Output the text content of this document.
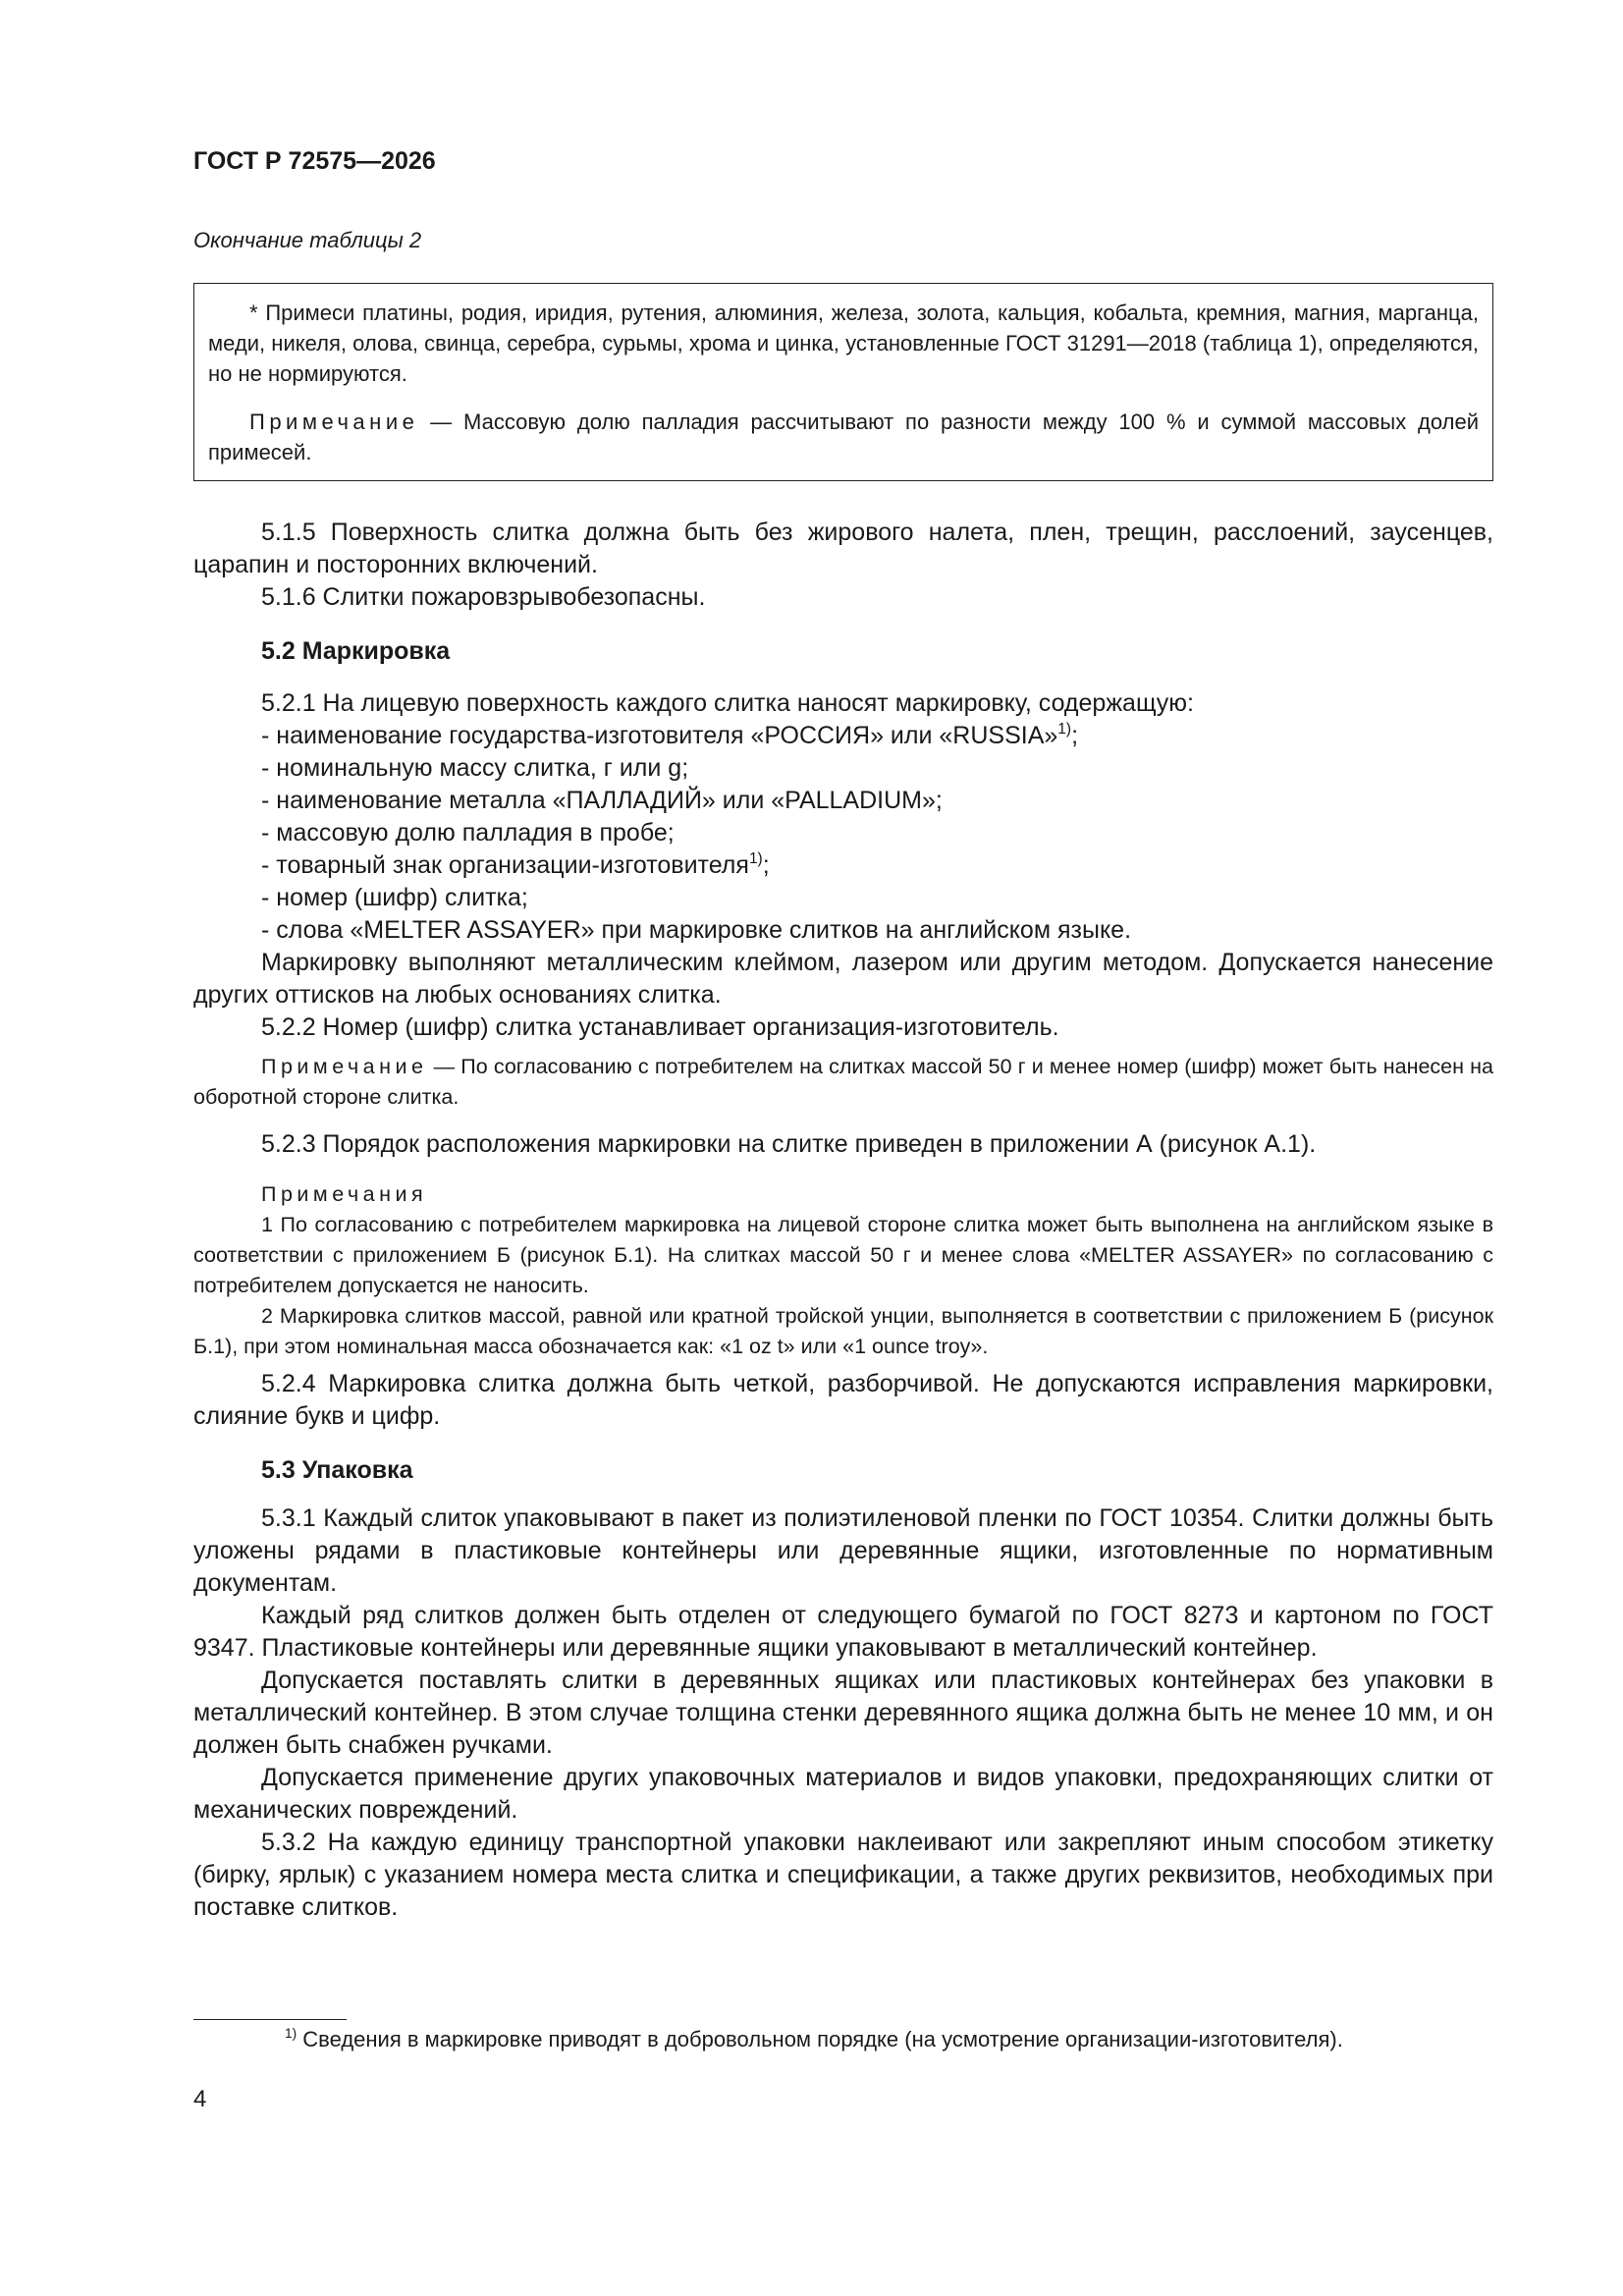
ГОСТ Р 72575—2026
Окончание таблицы 2

* Примеси платины, родия, иридия, рутения, алюминия, железа, золота, кальция, кобальта, кремния, магния, марганца, меди, никеля, олова, свинца, серебра, сурьмы, хрома и цинка, установленные ГОСТ 31291—2018 (таблица 1), определяются, но не нормируются.

Примечание — Массовую долю палладия рассчитывают по разности между 100 % и суммой массовых долей примесей.

5.1.5 Поверхность слитка должна быть без жирового налета, плен, трещин, расслоений, заусенцев, царапин и посторонних включений.

5.1.6 Слитки пожаровзрывобезопасны.

5.2 Маркировка

5.2.1 На лицевую поверхность каждого слитка наносят маркировку, содержащую:

- наименование государства-изготовителя «РОССИЯ» или «RUSSIA»$^{1)}$;

- номинальную массу слитка, г или g;

- наименование металла «ПАЛЛАДИЙ» или «PALLADIUM»;

- массовую долю палладия в пробе;

- товарный знак организации-изготовителя$^{1)}$;

- номер (шифр) слитка;

- слова «MELTER ASSAYER» при маркировке слитков на английском языке.

Маркировку выполняют металлическим клеймом, лазером или другим методом. Допускается нанесение других оттисков на любых основаниях слитка.

5.2.2 Номер (шифр) слитка устанавливает организация-изготовитель.

Примечание — По согласованию с потребителем на слитках массой 50 г и менее номер (шифр) может быть нанесен на оборотной стороне слитка.

5.2.3 Порядок расположения маркировки на слитке приведен в приложении А (рисунок А.1).

Примечания

1 По согласованию с потребителем маркировка на лицевой стороне слитка может быть выполнена на английском языке в соответствии с приложением Б (рисунок Б.1). На слитках массой 50 г и менее слова «MELTER ASSAYER» по согласованию с потребителем допускается не наносить.

2 Маркировка слитков массой, равной или кратной тройской унции, выполняется в соответствии с приложением Б (рисунок Б.1), при этом номинальная масса обозначается как: «1 oz t» или «1 ounce troy».

5.2.4 Маркировка слитка должна быть четкой, разборчивой. Не допускаются исправления маркировки, слияние букв и цифр.

5.3 Упаковка

5.3.1 Каждый слиток упаковывают в пакет из полиэтиленовой пленки по ГОСТ 10354. Слитки должны быть уложены рядами в пластиковые контейнеры или деревянные ящики, изготовленные по нормативным документам.

Каждый ряд слитков должен быть отделен от следующего бумагой по ГОСТ 8273 и картоном по ГОСТ 9347. Пластиковые контейнеры или деревянные ящики упаковывают в металлический контейнер.

Допускается поставлять слитки в деревянных ящиках или пластиковых контейнерах без упаковки в металлический контейнер. В этом случае толщина стенки деревянного ящика должна быть не менее 10 мм, и он должен быть снабжен ручками.

Допускается применение других упаковочных материалов и видов упаковки, предохраняющих слитки от механических повреждений.

5.3.2 На каждую единицу транспортной упаковки наклеивают или закрепляют иным способом этикетку (бирку, ярлык) с указанием номера места слитка и спецификации, а также других реквизитов, необходимых при поставке слитков.

$^{1)}$ Сведения в маркировке приводят в добровольном порядке (на усмотрение организации-изготовителя).
4
